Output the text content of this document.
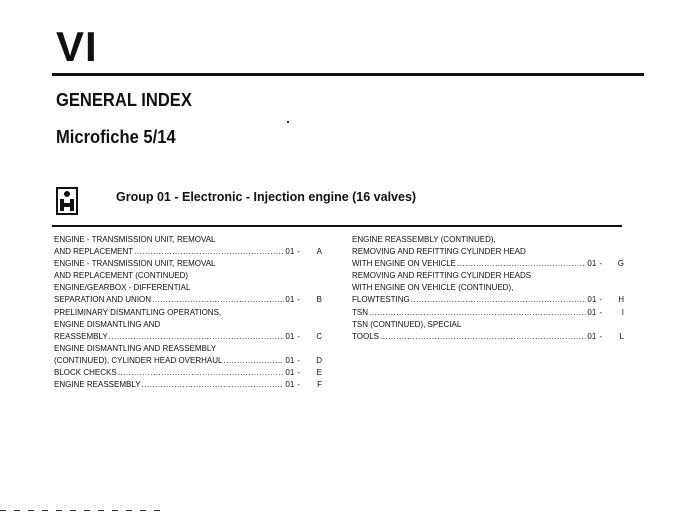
VI
GENERAL INDEX
Microfiche 5/14
Group 01 - Electronic - Injection engine (16 valves)
ENGINE - TRANSMISSION UNIT, REMOVAL
AND REPLACEMENT .....	01 -	A
ENGINE - TRANSMISSION UNIT, REMOVAL
AND REPLACEMENT (CONTINUED)
ENGINE/GEARBOX - DIFFERENTIAL
SEPARATION AND UNION .....	01 -	B
PRELIMINARY DISMANTLING OPERATIONS,
ENGINE DISMANTLING AND
REASSEMBLY .....	01 -	C
ENGINE DISMANTLING AND REASSEMBLY
(CONTINUED), CYLINDER HEAD OVERHAUL .....	01 -	D
BLOCK CHECKS .....	01 -	E
ENGINE REASSEMBLY .....	01 -	F
ENGINE REASSEMBLY (CONTINUED),
REMOVING AND REFITTING CYLINDER HEAD
WITH ENGINE ON VEHICLE .....	01 -	G
REMOVING AND REFITTING CYLINDER HEADS
WITH ENGINE ON VEHICLE (CONTINUED),
FLOWTESTING .....	01 -	H
TSN .....	01 -	I
TSN (CONTINUED), SPECIAL
TOOLS .....	01 -	L
